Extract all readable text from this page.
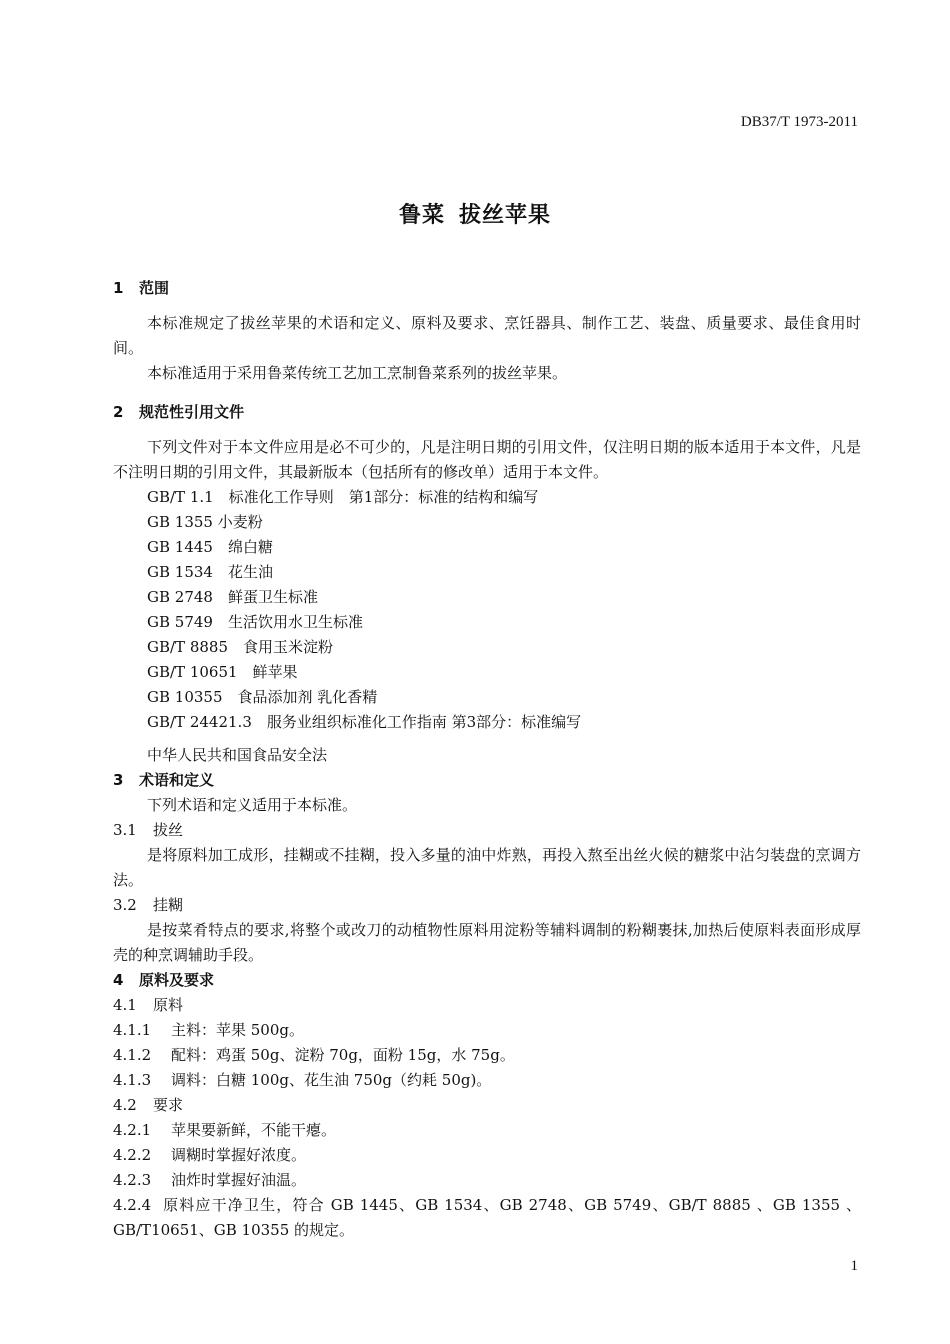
DB37/T 1973-2011
鲁菜 拔丝苹果
1 范围
本标准规定了拔丝苹果的术语和定义、原料及要求、烹饪器具、制作工艺、装盘、质量要求、最佳食用时间。
本标准适用于采用鲁菜传统工艺加工烹制鲁菜系列的拔丝苹果。
2 规范性引用文件
下列文件对于本文件应用是必不可少的，凡是注明日期的引用文件，仅注明日期的版本适用于本文件，凡是不注明日期的引用文件，其最新版本（包括所有的修改单）适用于本文件。
GB/T 1.1　标准化工作导则　第1部分：标准的结构和编写
GB 1355 小麦粉
GB 1445　绵白糖
GB 1534　花生油
GB 2748　鲜蛋卫生标准
GB 5749　生活饮用水卫生标准
GB/T 8885　食用玉米淀粉
GB/T 10651　鲜苹果
GB 10355　食品添加剂 乳化香精
GB/T 24421.3　服务业组织标准化工作指南 第3部分：标准编写
中华人民共和国食品安全法
3 术语和定义
下列术语和定义适用于本标准。
3.1 拔丝
是将原料加工成形，挂糊或不挂糊，投入多量的油中炸熟，再投入熬至出丝火候的糖浆中沾匀装盘的烹调方法。
3.2 挂糊
是按菜肴特点的要求,将整个或改刀的动植物性原料用淀粉等辅料调制的粉糊裹抹,加热后使原料表面形成厚壳的种烹调辅助手段。
4 原料及要求
4.1 原料
4.1.1 主料：苹果 500g。
4.1.2 配料：鸡蛋 50g、淀粉 70g，面粉 15g，水 75g。
4.1.3 调料：白糖 100g、花生油 750g（约耗 50g)。
4.2 要求
4.2.1 苹果要新鲜，不能干瘪。
4.2.2 调糊时掌握好浓度。
4.2.3 油炸时掌握好油温。
4.2.4 原料应干净卫生，符合 GB 1445、GB 1534、GB 2748、GB 5749、GB/T 8885 、GB 1355 、GB/T10651、GB 10355 的规定。
1
